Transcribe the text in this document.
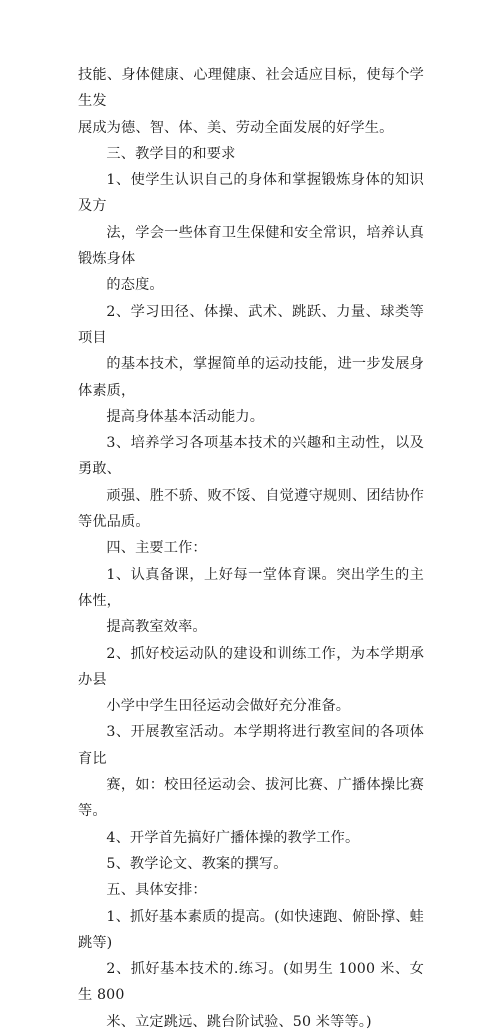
技能、身体健康、心理健康、社会适应目标，使每个学生发
展成为德、智、体、美、劳动全面发展的好学生。

三、教学目的和要求

1、使学生认识自己的身体和掌握锻炼身体的知识及方
法，学会一些体育卫生保健和安全常识，培养认真锻炼身体
的态度。

2、学习田径、体操、武术、跳跃、力量、球类等项目
的基本技术，掌握简单的运动技能，进一步发展身体素质，
提高身体基本活动能力。

3、培养学习各项基本技术的兴趣和主动性，以及勇敢、
顽强、胜不骄、败不馁、自觉遵守规则、团结协作等优品质。

四、主要工作：

1、认真备课，上好每一堂体育课。突出学生的主体性，
提高教室效率。

2、抓好校运动队的建设和训练工作，为本学期承办县
小学中学生田径运动会做好充分准备。

3、开展教室活动。本学期将进行教室间的各项体育比
赛，如：校田径运动会、拔河比赛、广播体操比赛等。

4、开学首先搞好广播体操的教学工作。

5、教学论文、教案的撰写。

五、具体安排：

1、抓好基本素质的提高。(如快速跑、俯卧撑、蛙跳等)

2、抓好基本技术的.练习。(如男生 1000 米、女生 800
米、立定跳远、跳台阶试验、50 米等等。)
